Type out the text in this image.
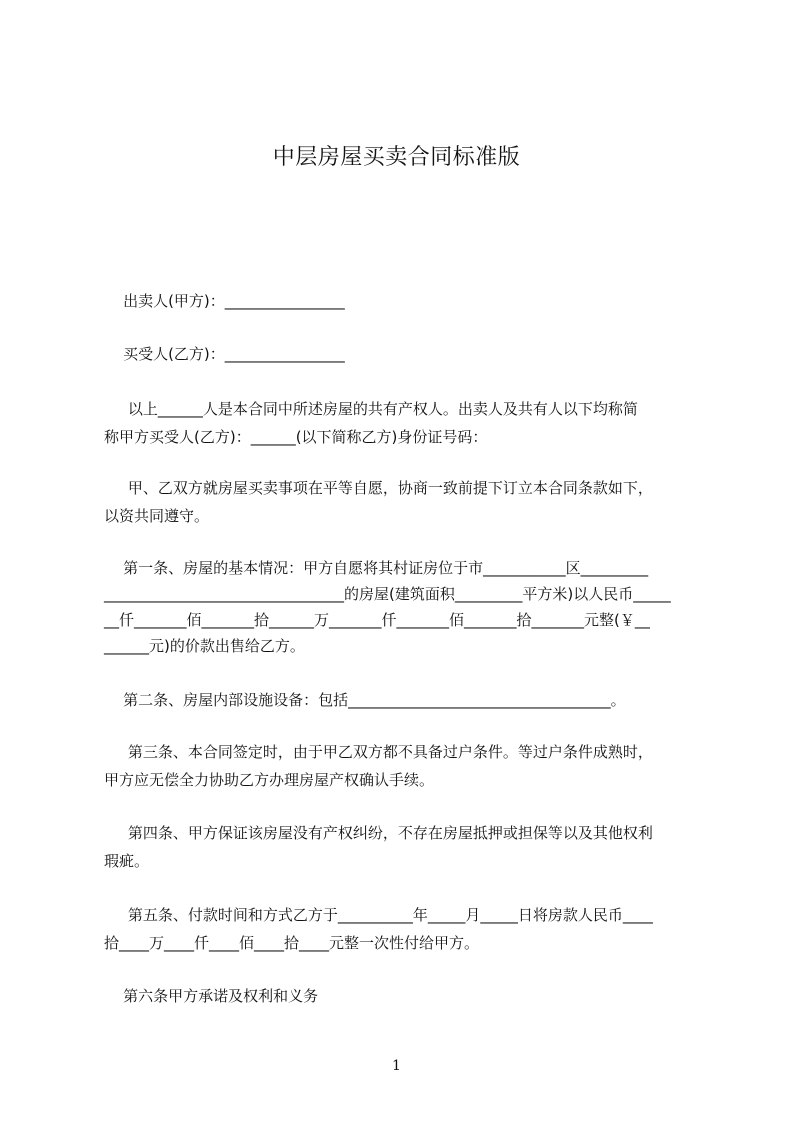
中层房屋买卖合同标准版
出卖人(甲方)：________________
买受人(乙方)：________________
以上______人是本合同中所述房屋的共有产权人。出卖人及共有人以下均称简
称甲方买受人(乙方)：______(以下简称乙方)身份证号码：
甲、乙双方就房屋买卖事项在平等自愿，协商一致前提下订立本合同条款如下，
以资共同遵守。
第一条、房屋的基本情况：甲方自愿将其村证房位于市___________区_________
________________________________的房屋(建筑面积_________平方米)以人民币_____
__仟_______佰_______拾______万_______仟_______佰_______拾_______元整(￥__
______元)的价款出售给乙方。
第二条、房屋内部设施设备：包括___________________________________。
第三条、本合同签定时，由于甲乙双方都不具备过户条件。等过户条件成熟时，
甲方应无偿全力协助乙方办理房屋产权确认手续。
第四条、甲方保证该房屋没有产权纠纷，不存在房屋抵押或担保等以及其他权利
瑕疵。
第五条、付款时间和方式乙方于__________年_____月_____日将房款人民币____
拾____万____仟____佰____拾____元整一次性付给甲方。
第六条甲方承诺及权利和义务
1
